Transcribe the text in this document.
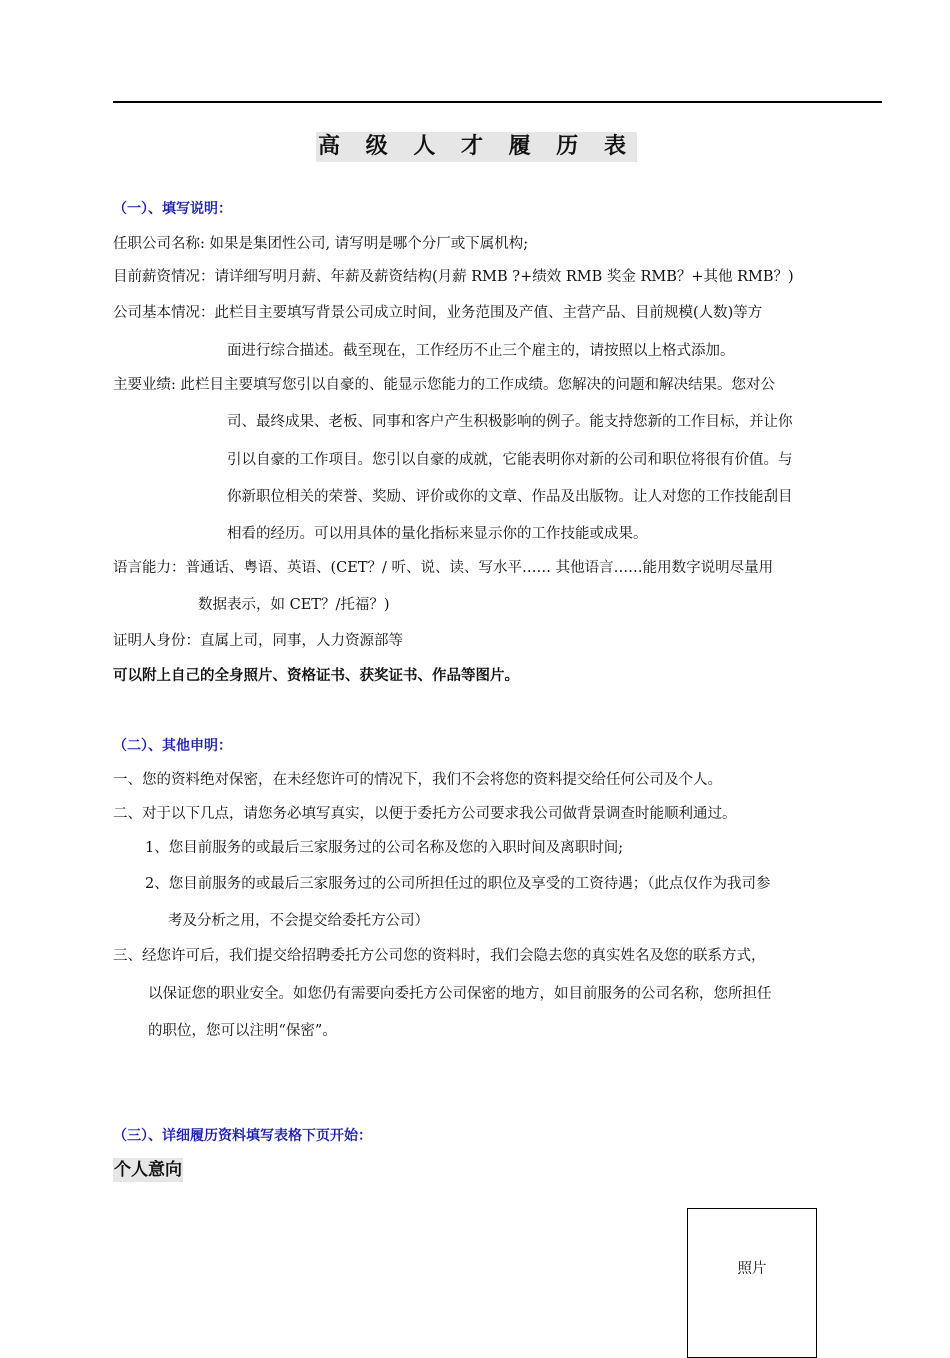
高 级 人 才 履 历 表
（一）、填写说明：
任职公司名称: 如果是集团性公司, 请写明是哪个分厂或下属机构;
目前薪资情况：请详细写明月薪、年薪及薪资结构(月薪 RMB ?+绩效 RMB 奖金 RMB？+其他 RMB？)
公司基本情况：此栏目主要填写背景公司成立时间，业务范围及产值、主营产品、目前规模(人数)等方
面进行综合描述。截至现在，工作经历不止三个雇主的，请按照以上格式添加。
主要业绩: 此栏目主要填写您引以自豪的、能显示您能力的工作成绩。您解决的问题和解决结果。您对公
司、最终成果、老板、同事和客户产生积极影响的例子。能支持您新的工作目标，并让你
引以自豪的工作项目。您引以自豪的成就，它能表明你对新的公司和职位将很有价值。与
你新职位相关的荣誉、奖励、评价或你的文章、作品及出版物。让人对您的工作技能刮目
相看的经历。可以用具体的量化指标来显示你的工作技能或成果。
语言能力：普通话、粤语、英语、(CET？/ 听、说、读、写水平…… 其他语言……能用数字说明尽量用
数据表示，如 CET？/托福？)
证明人身份：直属上司，同事，人力资源部等
可以附上自己的全身照片、资格证书、获奖证书、作品等图片。
（二）、其他申明：
一、您的资料绝对保密，在未经您许可的情况下，我们不会将您的资料提交给任何公司及个人。
二、对于以下几点，请您务必填写真实，以便于委托方公司要求我公司做背景调查时能顺利通过。
1、您目前服务的或最后三家服务过的公司名称及您的入职时间及离职时间;
2、您目前服务的或最后三家服务过的公司所担任过的职位及享受的工资待遇；（此点仅作为我司参
考及分析之用，不会提交给委托方公司）
三、经您许可后，我们提交给招聘委托方公司您的资料时，我们会隐去您的真实姓名及您的联系方式，
以保证您的职业安全。如您仍有需要向委托方公司保密的地方，如目前服务的公司名称，您所担任
的职位，您可以注明“保密”。
（三）、详细履历资料填写表格下页开始：
个人意向
照片
